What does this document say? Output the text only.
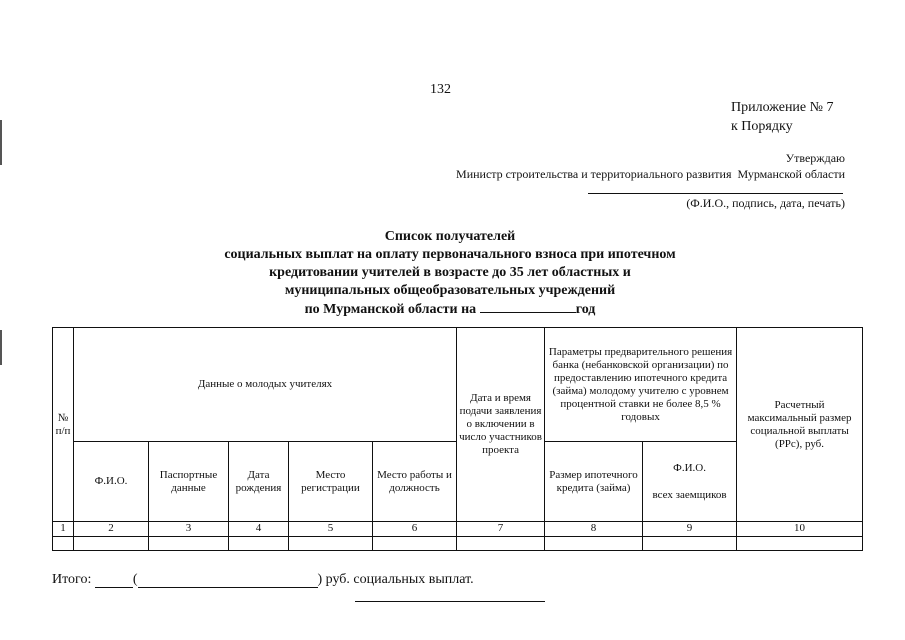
132
Приложение № 7
к Порядку
Утверждаю
Министр строительства и территориального развития  Мурманской области
(Ф.И.О., подпись, дата, печать)
Список получателей
социальных выплат на оплату первоначального взноса при ипотечном
кредитовании учителей в возрасте до 35 лет областных и
муниципальных общеобразовательных учреждений
по Мурманской области на	год
№ п/п	Данные о молодых учителях					Дата и время подачи заявления о включении в число участников проекта	Параметры предварительного решения банка (небанковской организации) по предоставлению ипотечного кредита (займа) молодому учителю с уровнем процентной ставки не более 8,5 % годовых		Расчетный максимальный размер социальной выплаты (РРс), руб.
	Ф.И.О.	Паспортные данные	Дата рождения	Место регистрации	Место работы и должность		Размер ипотечного кредита (займа)	Ф.И.О.
всех заемщиков	

1	2	3	4	5	6	7	8	9	10

Итого:	(	) руб. социальных выплат.
